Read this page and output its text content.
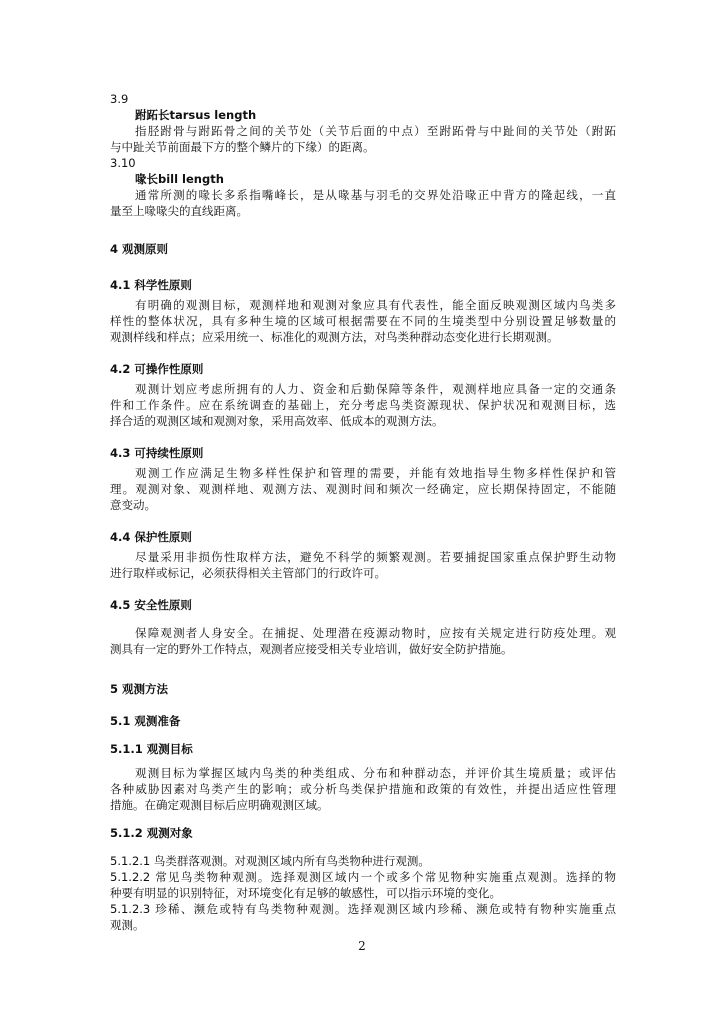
3.9
跗跖长tarsus length
指胫跗骨与跗跖骨之间的关节处（关节后面的中点）至跗跖骨与中趾间的关节处（跗跖
与中趾关节前面最下方的整个鳞片的下缘）的距离。
3.10
喙长bill length
通常所测的喙长多系指嘴峰长，是从喙基与羽毛的交界处沿喙正中背方的隆起线，一直
量至上喙喙尖的直线距离。
4 观测原则
4.1 科学性原则
有明确的观测目标，观测样地和观测对象应具有代表性，能全面反映观测区域内鸟类多
样性的整体状况，具有多种生境的区域可根据需要在不同的生境类型中分别设置足够数量的
观测样线和样点；应采用统一、标准化的观测方法，对鸟类种群动态变化进行长期观测。
4.2 可操作性原则
观测计划应考虑所拥有的人力、资金和后勤保障等条件，观测样地应具备一定的交通条
件和工作条件。应在系统调查的基础上，充分考虑鸟类资源现状、保护状况和观测目标，选
择合适的观测区域和观测对象，采用高效率、低成本的观测方法。
4.3 可持续性原则
观测工作应满足生物多样性保护和管理的需要，并能有效地指导生物多样性保护和管
理。观测对象、观测样地、观测方法、观测时间和频次一经确定，应长期保持固定，不能随
意变动。
4.4 保护性原则
尽量采用非损伤性取样方法，避免不科学的频繁观测。若要捕捉国家重点保护野生动物
进行取样或标记，必须获得相关主管部门的行政许可。
4.5 安全性原则
保障观测者人身安全。在捕捉、处理潜在疫源动物时，应按有关规定进行防疫处理。观
测具有一定的野外工作特点，观测者应接受相关专业培训，做好安全防护措施。
5 观测方法
5.1 观测准备
5.1.1 观测目标
观测目标为掌握区域内鸟类的种类组成、分布和种群动态，并评价其生境质量；或评估
各种威胁因素对鸟类产生的影响；或分析鸟类保护措施和政策的有效性，并提出适应性管理
措施。在确定观测目标后应明确观测区域。
5.1.2 观测对象
5.1.2.1 鸟类群落观测。对观测区域内所有鸟类物种进行观测。
5.1.2.2 常见鸟类物种观测。选择观测区域内一个或多个常见物种实施重点观测。选择的物
种要有明显的识别特征，对环境变化有足够的敏感性，可以指示环境的变化。
5.1.2.3 珍稀、濒危或特有鸟类物种观测。选择观测区域内珍稀、濒危或特有物种实施重点
观测。
2
